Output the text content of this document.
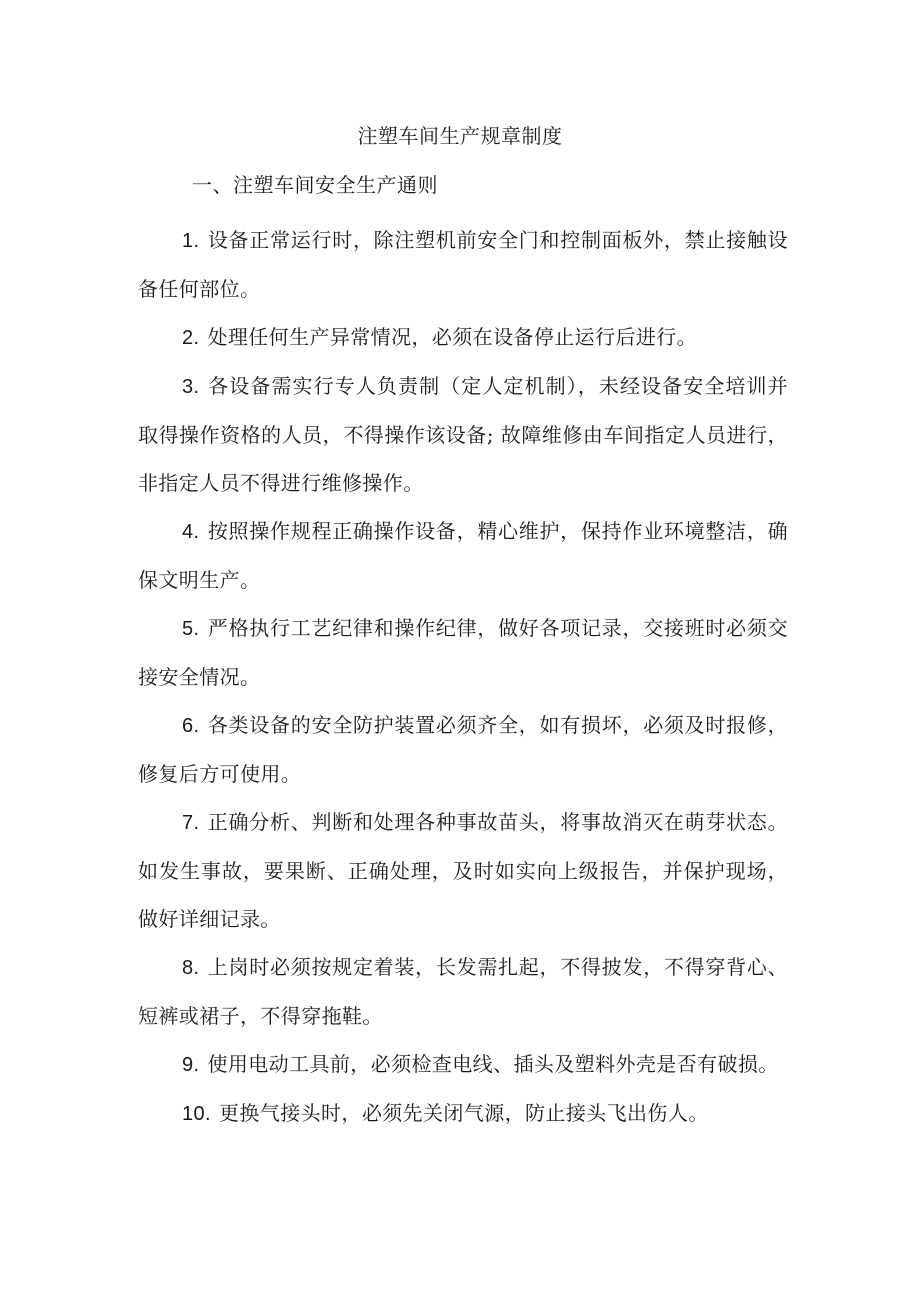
注塑车间生产规章制度
一、注塑车间安全生产通则
1. 设备正常运行时，除注塑机前安全门和控制面板外，禁止接触设备任何部位。
2. 处理任何生产异常情况，必须在设备停止运行后进行。
3. 各设备需实行专人负责制（定人定机制），未经设备安全培训并取得操作资格的人员，不得操作该设备; 故障维修由车间指定人员进行，非指定人员不得进行维修操作。
4. 按照操作规程正确操作设备，精心维护，保持作业环境整洁，确保文明生产。
5. 严格执行工艺纪律和操作纪律，做好各项记录，交接班时必须交接安全情况。
6. 各类设备的安全防护装置必须齐全，如有损坏，必须及时报修，修复后方可使用。
7. 正确分析、判断和处理各种事故苗头，将事故消灭在萌芽状态。如发生事故，要果断、正确处理，及时如实向上级报告，并保护现场，做好详细记录。
8. 上岗时必须按规定着装，长发需扎起，不得披发，不得穿背心、短裤或裙子，不得穿拖鞋。
9. 使用电动工具前，必须检查电线、插头及塑料外壳是否有破损。
10. 更换气接头时，必须先关闭气源，防止接头飞出伤人。
